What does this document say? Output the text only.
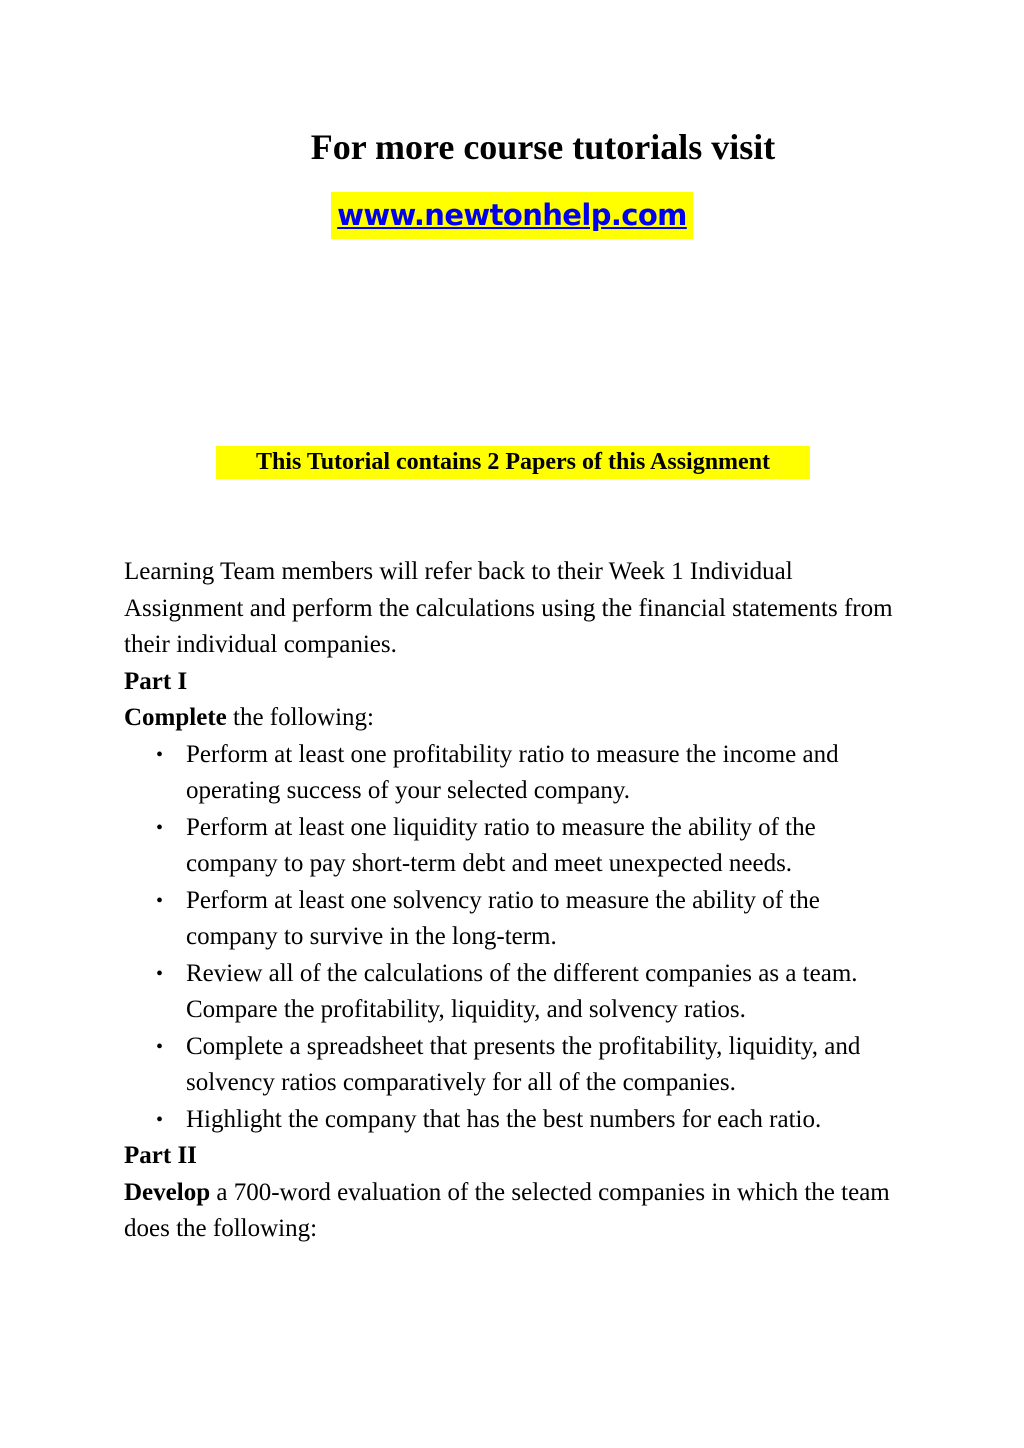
For more course tutorials visit
www.newtonhelp.com

This Tutorial contains 2 Papers of this Assignment

Learning Team members will refer back to their Week 1 Individual Assignment and perform the calculations using the financial statements from their individual companies.

Part I

Complete the following:

• Perform at least one profitability ratio to measure the income and operating success of your selected company.
• Perform at least one liquidity ratio to measure the ability of the company to pay short-term debt and meet unexpected needs.
• Perform at least one solvency ratio to measure the ability of the company to survive in the long-term.
• Review all of the calculations of the different companies as a team. Compare the profitability, liquidity, and solvency ratios.
• Complete a spreadsheet that presents the profitability, liquidity, and solvency ratios comparatively for all of the companies.
• Highlight the company that has the best numbers for each ratio.

Part II

Develop a 700-word evaluation of the selected companies in which the team does the following:
